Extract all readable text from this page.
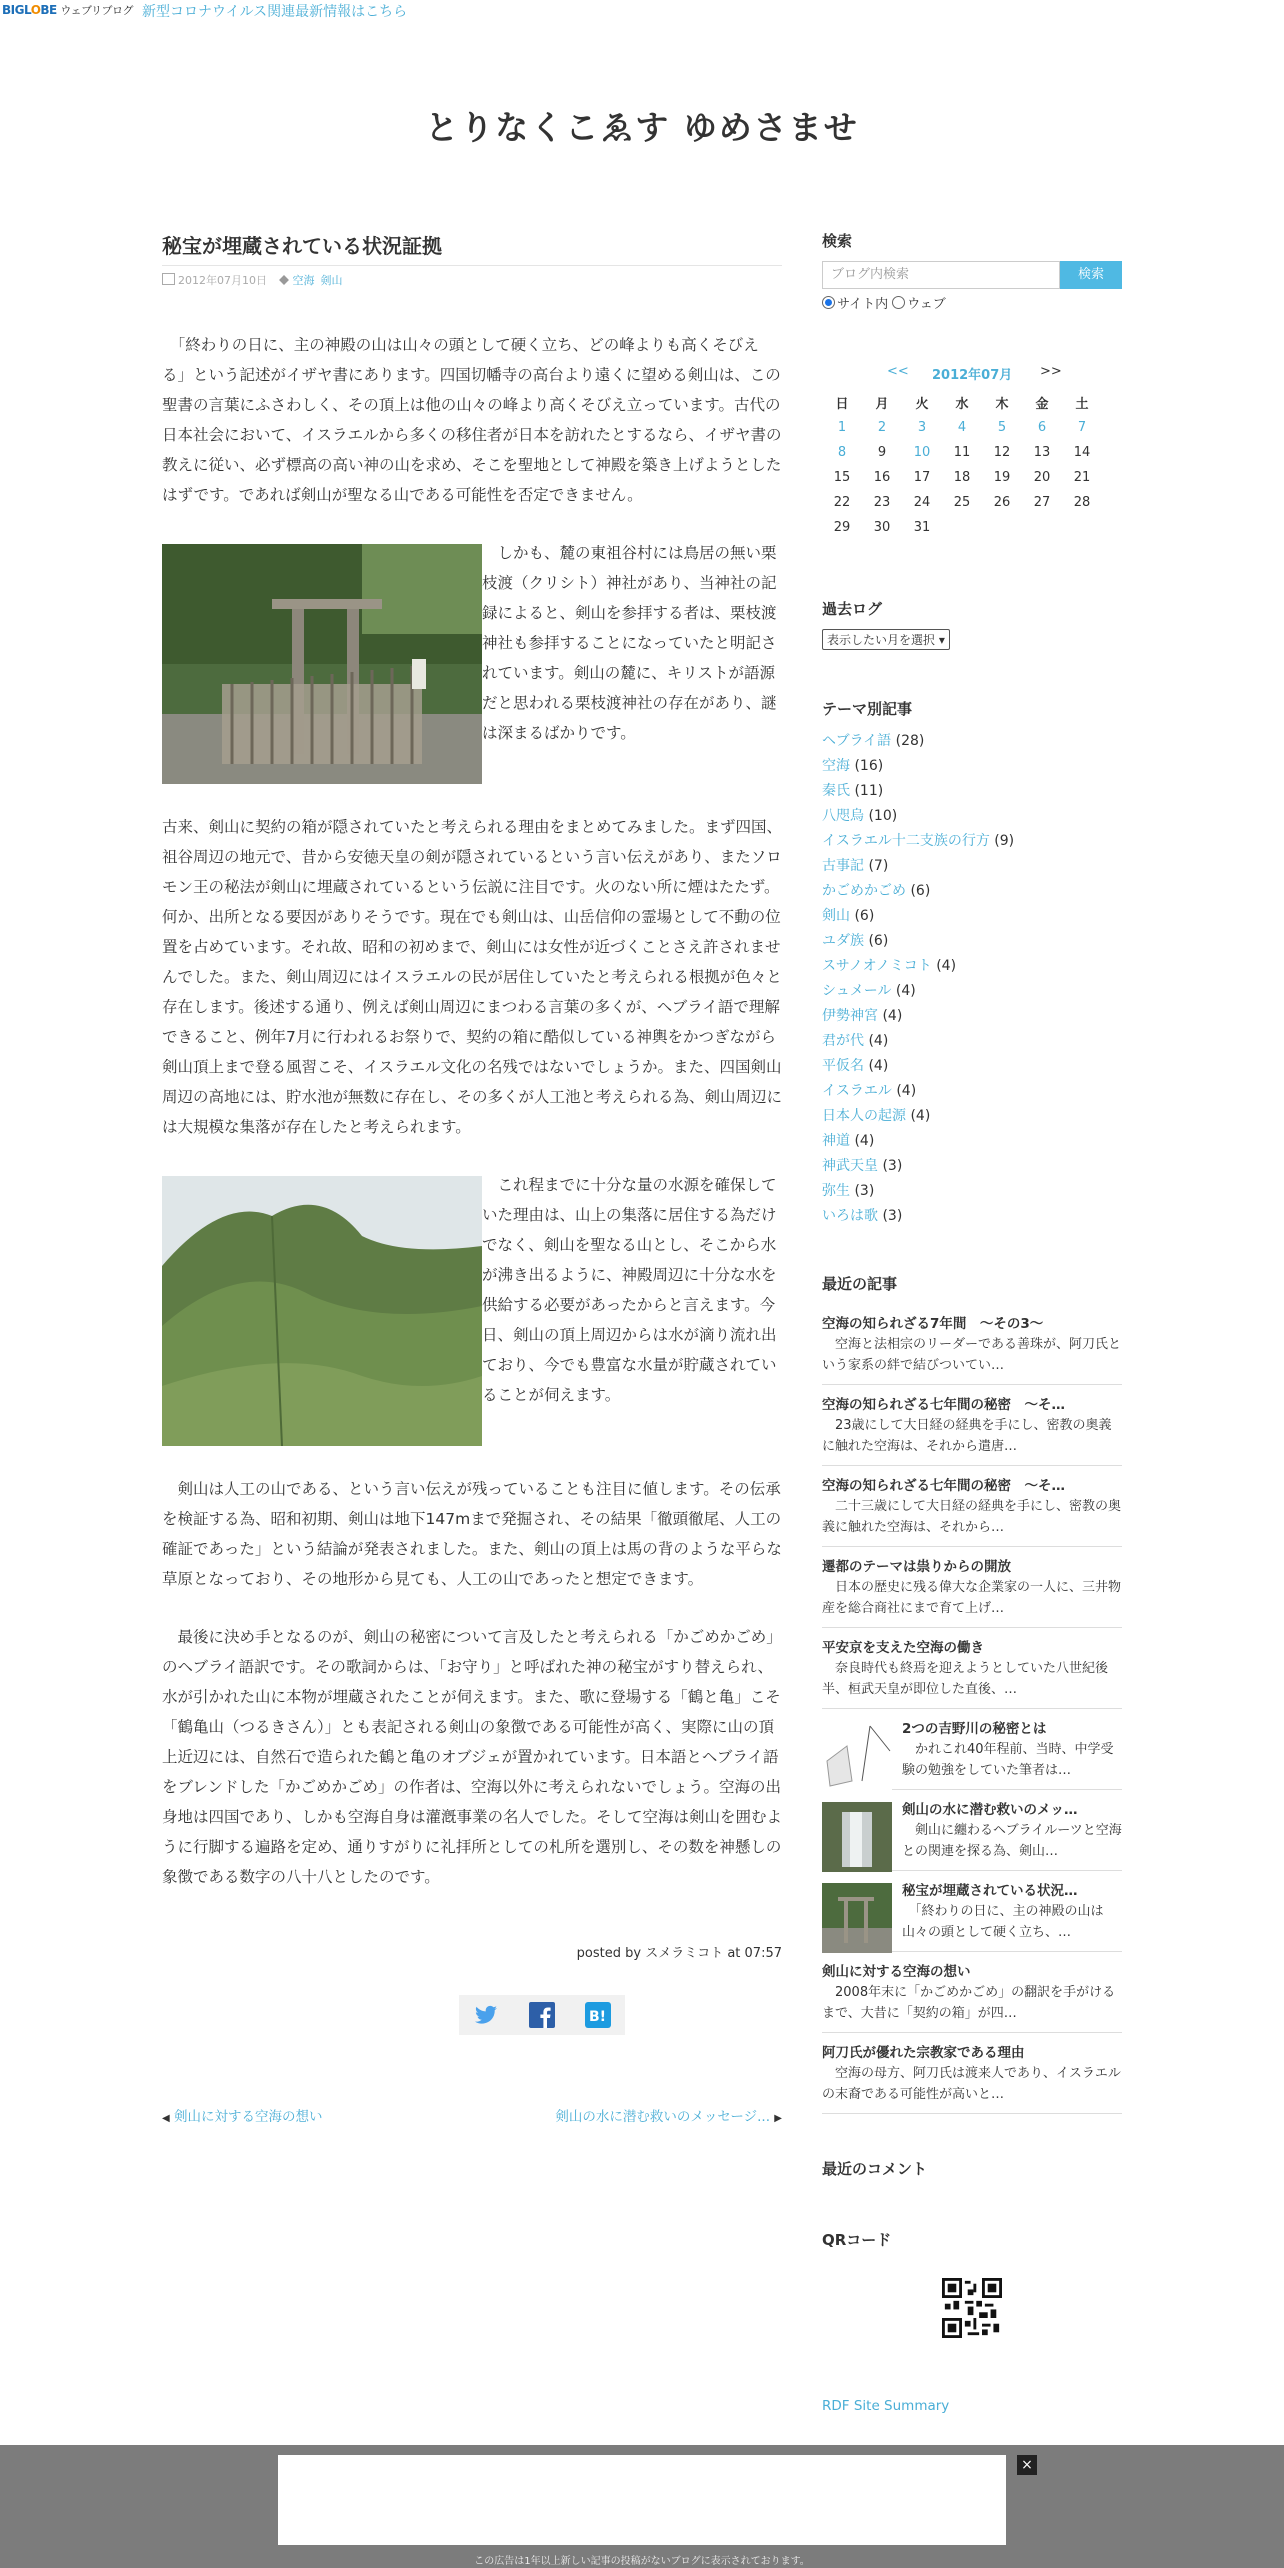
BIGLOBE ウェブリブログ 新型コロナウイルス関連最新情報はこちら
とりなくこゑす ゆめさませ
秘宝が埋蔵されている状況証拠
2012年07月10日 空海 剣山

　「終わりの日に、主の神殿の山は山々の頭として硬く立ち、どの峰よりも高くそびえる」という記述がイザヤ書にあります。四国切幡寺の高台より遠くに望める剣山は、この聖書の言葉にふさわしく、その頂上は他の山々の峰より高くそびえ立っています。古代の日本社会において、イスラエルから多くの移住者が日本を訪れたとするなら、イザヤ書の教えに従い、必ず標高の高い神の山を求め、そこを聖地として神殿を築き上げようとしたはずです。であれば剣山が聖なる山である可能性を否定できません。

　しかも、麓の東祖谷村には鳥居の無い栗枝渡（クリシト）神社があり、当神社の記録によると、剣山を参拝する者は、栗枝渡神社も参拝することになっていたと明記されています。剣山の麓に、キリストが語源だと思われる栗枝渡神社の存在があり、謎は深まるばかりです。

古来、剣山に契約の箱が隠されていたと考えられる理由をまとめてみました。まず四国、祖谷周辺の地元で、昔から安徳天皇の剣が隠されているという言い伝えがあり、またソロモン王の秘法が剣山に埋蔵されているという伝説に注目です。火のない所に煙はたたず。何か、出所となる要因がありそうです。現在でも剣山は、山岳信仰の霊場として不動の位置を占めています。それ故、昭和の初めまで、剣山には女性が近づくことさえ許されませんでした。また、剣山周辺にはイスラエルの民が居住していたと考えられる根拠が色々と存在します。後述する通り、例えば剣山周辺にまつわる言葉の多くが、ヘブライ語で理解できること、例年7月に行われるお祭りで、契約の箱に酷似している神輿をかつぎながら剣山頂上まで登る風習こそ、イスラエル文化の名残ではないでしょうか。また、四国剣山周辺の高地には、貯水池が無数に存在し、その多くが人工池と考えられる為、剣山周辺には大規模な集落が存在したと考えられます。

　これ程までに十分な量の水源を確保していた理由は、山上の集落に居住する為だけでなく、剣山を聖なる山とし、そこから水が沸き出るように、神殿周辺に十分な水を供給する必要があったからと言えます。今日、剣山の頂上周辺からは水が滴り流れ出ており、今でも豊富な水量が貯蔵されていることが伺えます。

　剣山は人工の山である、という言い伝えが残っていることも注目に値します。その伝承を検証する為、昭和初期、剣山は地下147mまで発掘され、その結果「徹頭徹尾、人工の確証であった」という結論が発表されました。また、剣山の頂上は馬の背のような平らな草原となっており、その地形から見ても、人工の山であったと想定できます。

　最後に決め手となるのが、剣山の秘密について言及したと考えられる「かごめかごめ」のヘブライ語訳です。その歌詞からは、「お守り」と呼ばれた神の秘宝がすり替えられ、水が引かれた山に本物が埋蔵されたことが伺えます。また、歌に登場する「鶴と亀」こそ「鶴亀山（つるきさん）」とも表記される剣山の象徴である可能性が高く、実際に山の頂上近辺には、自然石で造られた鶴と亀のオブジェが置かれています。日本語とヘブライ語をブレンドした「かごめかごめ」の作者は、空海以外に考えられないでしょう。空海の出身地は四国であり、しかも空海自身は灌漑事業の名人でした。そして空海は剣山を囲むように行脚する遍路を定め、通りすがりに礼拝所としての札所を選別し、その数を神懸しの象徴である数字の八十八としたのです。

posted by スメラミコト at 07:57
B!
◀ 剣山に対する空海の想い	剣山の水に潜む救いのメッセージ... ▶
検索
ブログ内検索	検索
サイト内 ウェブ
<< 2012年07月 >>
日	月	火	水	木	金	土
1	2	3	4	5	6	7
8	9	10	11	12	13	14
15	16	17	18	19	20	21
22	23	24	25	26	27	28
29	30	31				
過去ログ
表示したい月を選択 ▾
テーマ別記事
ヘブライ語 (28)
空海 (16)
秦氏 (11)
八咫烏 (10)
イスラエル十二支族の行方 (9)
古事記 (7)
かごめかごめ (6)
剣山 (6)
ユダ族 (6)
スサノオノミコト (4)
シュメール (4)
伊勢神宮 (4)
君が代 (4)
平仮名 (4)
イスラエル (4)
日本人の起源 (4)
神道 (4)
神武天皇 (3)
弥生 (3)
いろは歌 (3)
最近の記事
空海の知られざる7年間　～その3～
　空海と法相宗のリーダーである善珠が、阿刀氏という家系の絆で結びついてい…
空海の知られざる七年間の秘密　～そ…
　23歳にして大日経の経典を手にし、密教の奥義に触れた空海は、それから遣唐…
空海の知られざる七年間の秘密　～そ…
　二十三歳にして大日経の経典を手にし、密教の奥義に触れた空海は、それから…
遷都のテーマは祟りからの開放
　日本の歴史に残る偉大な企業家の一人に、三井物産を総合商社にまで育て上げ…
平安京を支えた空海の働き
　奈良時代も終焉を迎えようとしていた八世紀後半、桓武天皇が即位した直後、…
2つの吉野川の秘密とは
　かれこれ40年程前、当時、中学受験の勉強をしていた筆者は…
剣山の水に潜む救いのメッ…
　剣山に纏わるヘブライルーツと空海との関連を探る為、剣山…
秘宝が埋蔵されている状況…
　「終わりの日に、主の神殿の山は山々の頭として硬く立ち、…
剣山に対する空海の想い
　2008年末に「かごめかごめ」の翻訳を手がけるまで、大昔に「契約の箱」が四…
阿刀氏が優れた宗教家である理由
　空海の母方、阿刀氏は渡来人であり、イスラエルの末裔である可能性が高いと…
最近のコメント
QRコード
RDF Site Summary
×
この広告は1年以上新しい記事の投稿がないブログに表示されております。
